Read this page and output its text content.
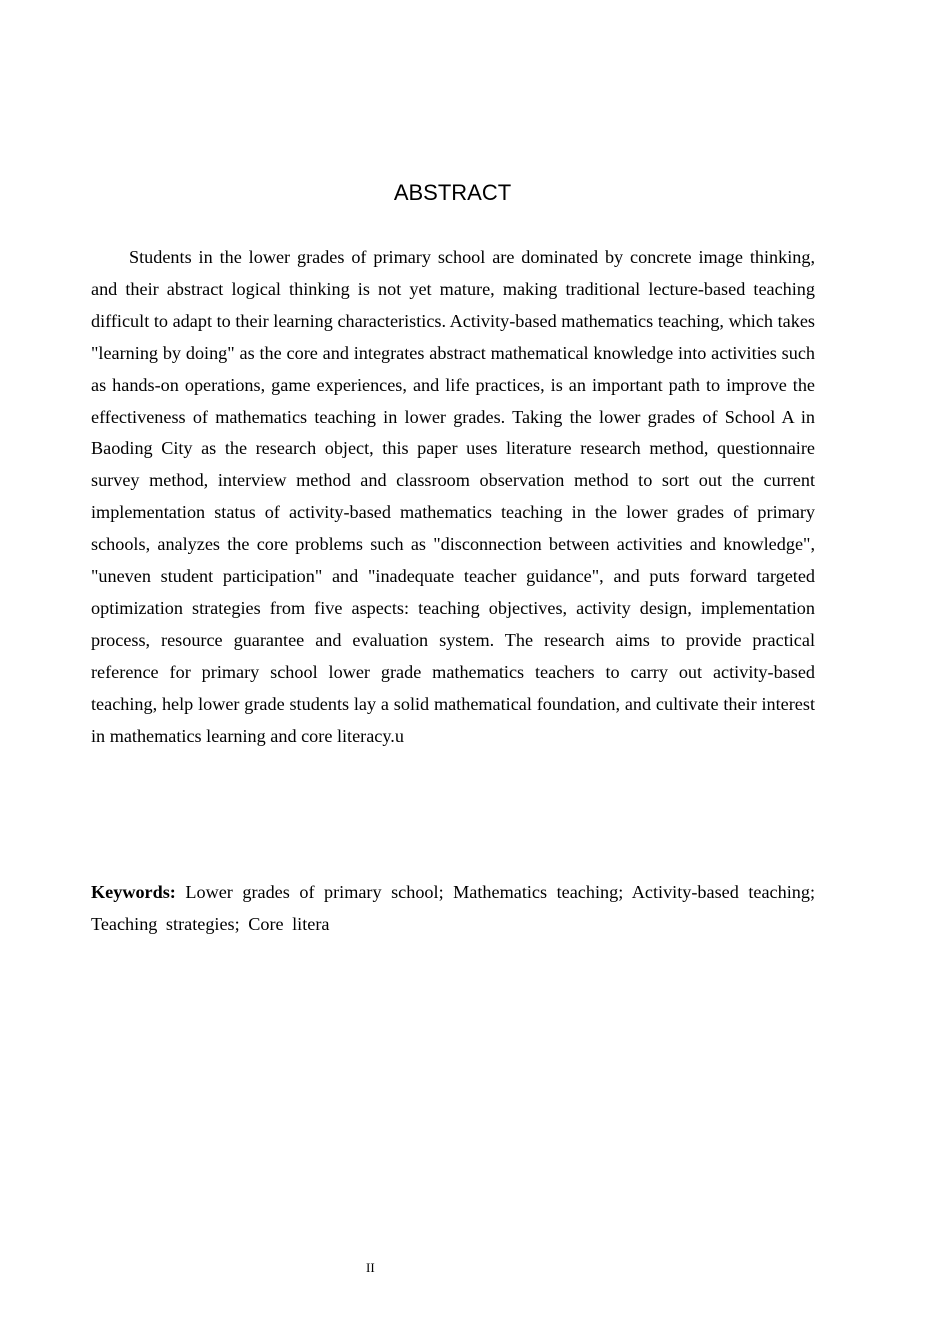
ABSTRACT

Students in the lower grades of primary school are dominated by concrete image thinking, and their abstract logical thinking is not yet mature, making traditional lecture-based teaching difficult to adapt to their learning characteristics. Activity-based mathematics teaching, which takes "learning by doing" as the core and integrates abstract mathematical knowledge into activities such as hands-on operations, game experiences, and life practices, is an important path to improve the effectiveness of mathematics teaching in lower grades. Taking the lower grades of School A in Baoding City as the research object, this paper uses literature research method, questionnaire survey method, interview method and classroom observation method to sort out the current implementation status of activity-based mathematics teaching in the lower grades of primary schools, analyzes the core problems such as "disconnection between activities and knowledge", "uneven student participation" and "inadequate teacher guidance", and puts forward targeted optimization strategies from five aspects: teaching objectives, activity design, implementation process, resource guarantee and evaluation system. The research aims to provide practical reference for primary school lower grade mathematics teachers to carry out activity-based teaching, help lower grade students lay a solid mathematical foundation, and cultivate their interest in mathematics learning and core literacy.u

Keywords: Lower grades of primary school; Mathematics teaching; Activity-based teaching; Teaching strategies; Core litera

II
